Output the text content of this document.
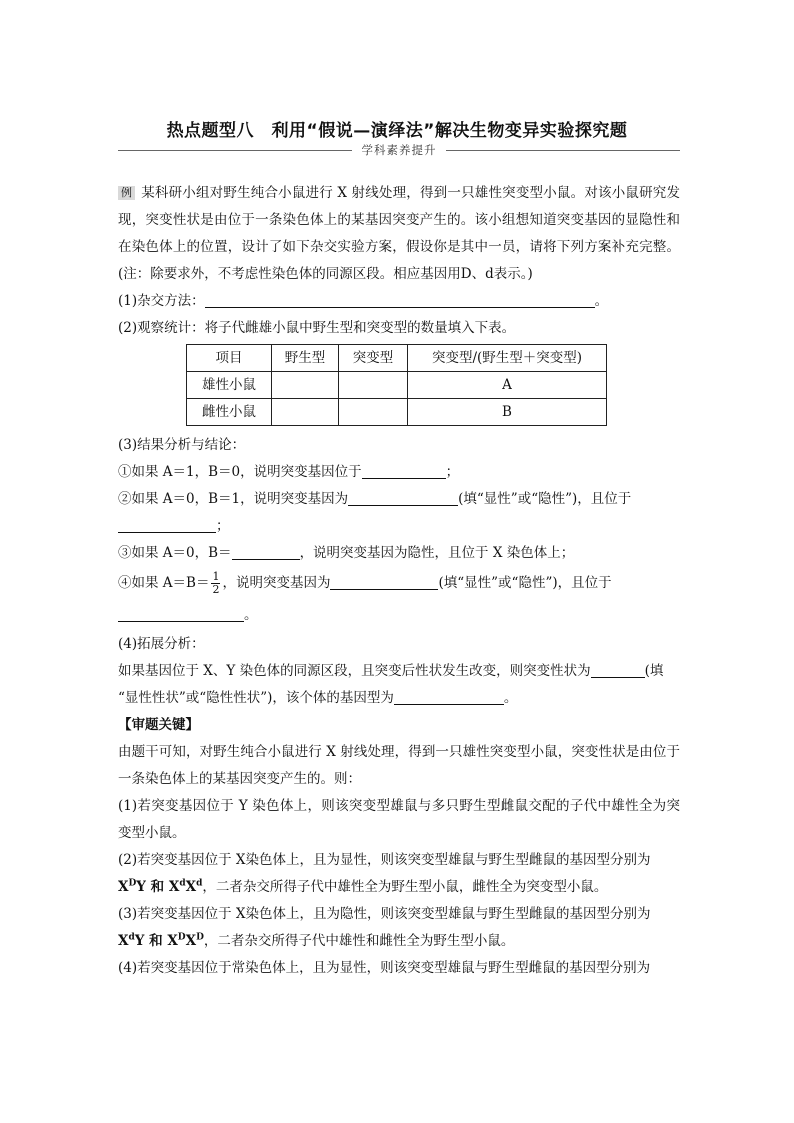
热点题型八　利用“假说—演绎法”解决生物变异实验探究题
学科素养提升

例 某科研小组对野生纯合小鼠进行 X 射线处理，得到一只雄性突变型小鼠。对该小鼠研究发现，突变性状是由位于一条染色体上的某基因突变产生的。该小组想知道突变基因的显隐性和在染色体上的位置，设计了如下杂交实验方案，假设你是其中一员，请将下列方案补充完整。(注：除要求外，不考虑性染色体的同源区段。相应基因用D、d表示。)

(1)杂交方法：	。

(2)观察统计：将子代雌雄小鼠中野生型和突变型的数量填入下表。

项目	野生型	突变型	突变型/(野生型＋突变型)
雄性小鼠			A
雌性小鼠			B

(3)结果分析与结论：

①如果 A＝1，B＝0，说明突变基因位于	；

②如果 A＝0，B＝1，说明突变基因为	(填“显性”或“隐性”)，且位于
；

③如果 A＝0，B＝	，说明突变基因为隐性，且位于 X 染色体上；

④如果 $A=B= \frac{1}{2}$ ，说明突变基因为	(填“显性”或“隐性”)，且位于
。

(4)拓展分析：

如果基因位于 X、Y 染色体的同源区段，且突变后性状发生改变，则突变性状为	(填
“显性性状”或“隐性性状”)，该个体的基因型为	。

【审题关键】

由题干可知，对野生纯合小鼠进行 X 射线处理，得到一只雄性突变型小鼠，突变性状是由位于一条染色体上的某基因突变产生的。则：

(1)若突变基因位于 Y 染色体上，则该突变型雄鼠与多只野生型雌鼠交配的子代中雄性全为突变型小鼠。

(2)若突变基因位于 X染色体上，且为显性，则该突变型雄鼠与野生型雌鼠的基因型分别为
$X^DY$ 和 $X^dX^d$，二者杂交所得子代中雄性全为野生型小鼠，雌性全为突变型小鼠。

(3)若突变基因位于 X染色体上，且为隐性，则该突变型雄鼠与野生型雌鼠的基因型分别为
$X^dY$ 和 $X^DX^D$，二者杂交所得子代中雄性和雌性全为野生型小鼠。

(4)若突变基因位于常染色体上，且为显性，则该突变型雄鼠与野生型雌鼠的基因型分别为
